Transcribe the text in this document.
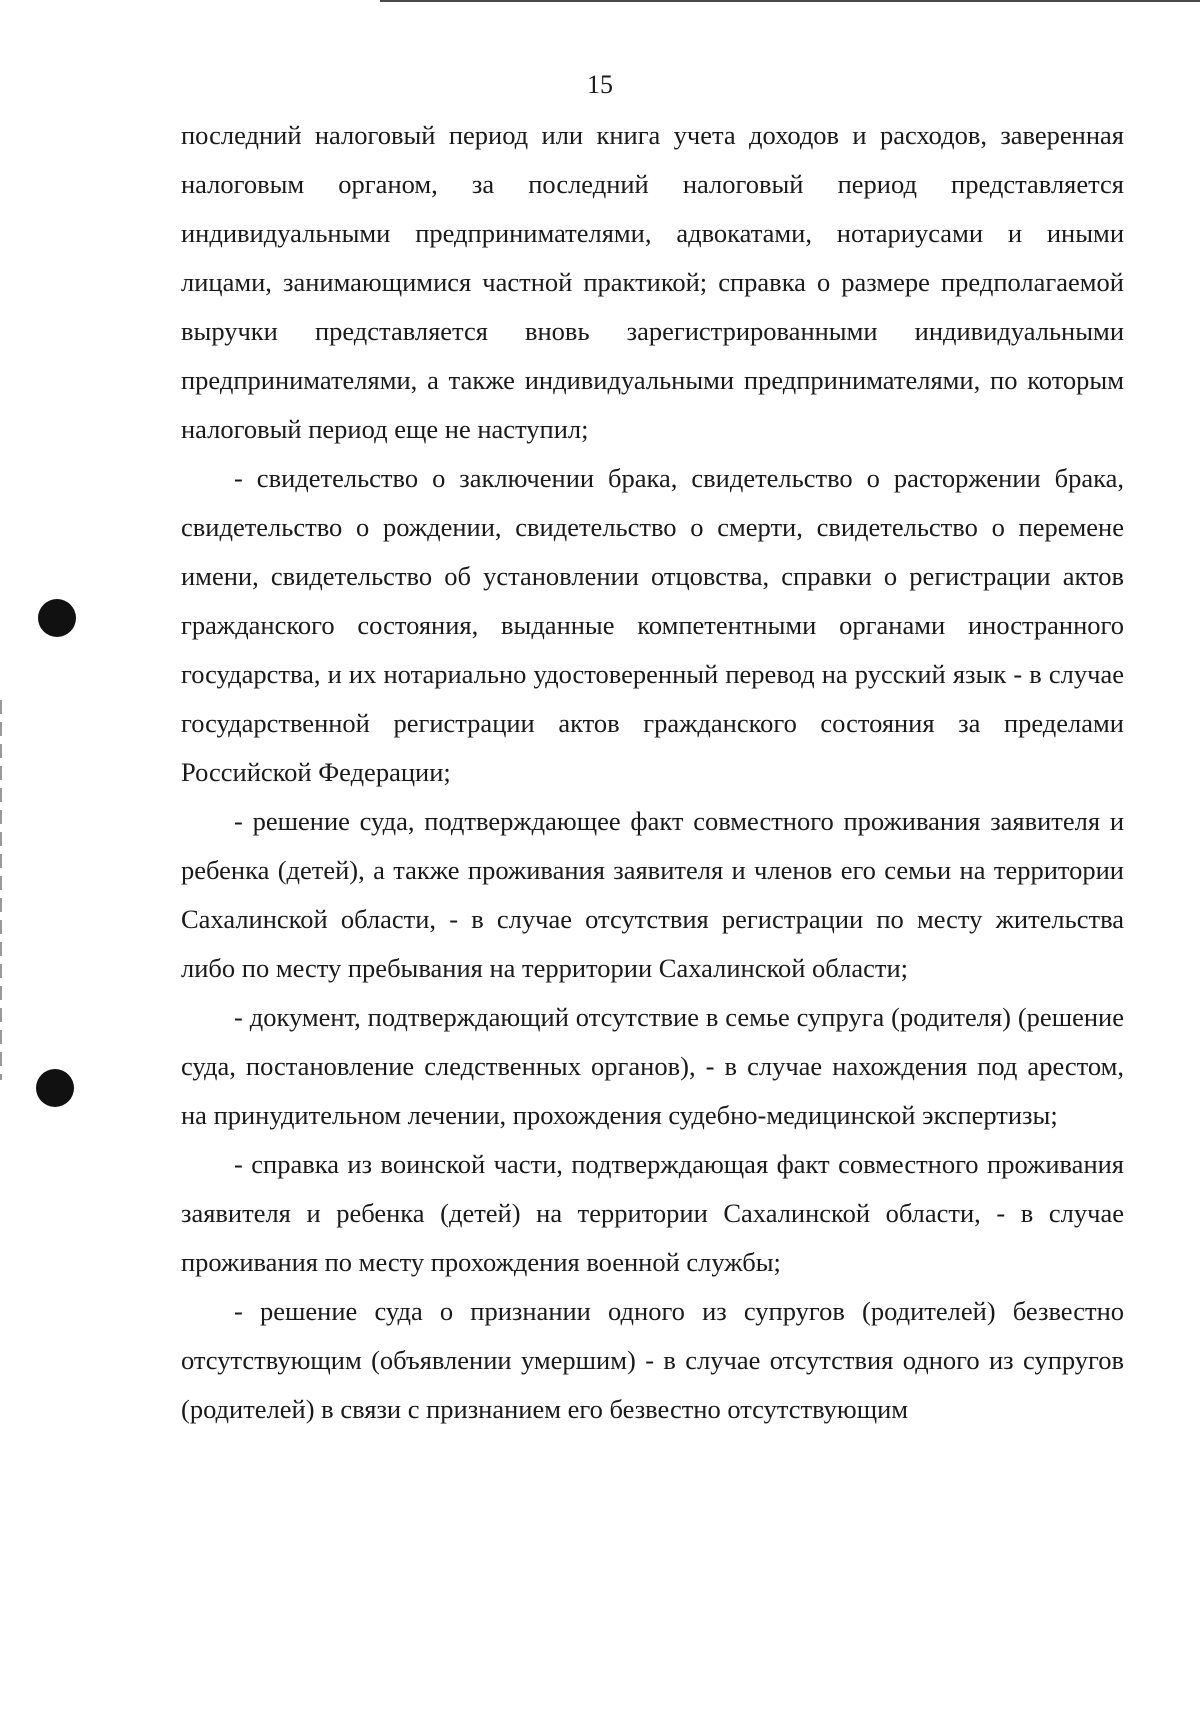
15

последний налоговый период или книга учета доходов и расходов, заверенная налоговым органом, за последний налоговый период представляется индивидуальными предпринимателями, адвокатами, нотариусами и иными лицами, занимающимися частной практикой; справка о размере предполагаемой выручки представляется вновь зарегистрированными индивидуальными предпринимателями, а также индивидуальными предпринимателями, по которым налоговый период еще не наступил;

- свидетельство о заключении брака, свидетельство о расторжении брака, свидетельство о рождении, свидетельство о смерти, свидетельство о перемене имени, свидетельство об установлении отцовства, справки о регистрации актов гражданского состояния, выданные компетентными органами иностранного государства, и их нотариально удостоверенный перевод на русский язык - в случае государственной регистрации актов гражданского состояния за пределами Российской Федерации;

- решение суда, подтверждающее факт совместного проживания заявителя и ребенка (детей), а также проживания заявителя и членов его семьи на территории Сахалинской области, - в случае отсутствия регистрации по месту жительства либо по месту пребывания на территории Сахалинской области;

- документ, подтверждающий отсутствие в семье супруга (родителя) (решение суда, постановление следственных органов), - в случае нахождения под арестом, на принудительном лечении, прохождения судебно-медицинской экспертизы;

- справка из воинской части, подтверждающая факт совместного проживания заявителя и ребенка (детей) на территории Сахалинской области, - в случае проживания по месту прохождения военной службы;

- решение суда о признании одного из супругов (родителей) безвестно отсутствующим (объявлении умершим) - в случае отсутствия одного из супругов (родителей) в связи с признанием его безвестно отсутствующим
